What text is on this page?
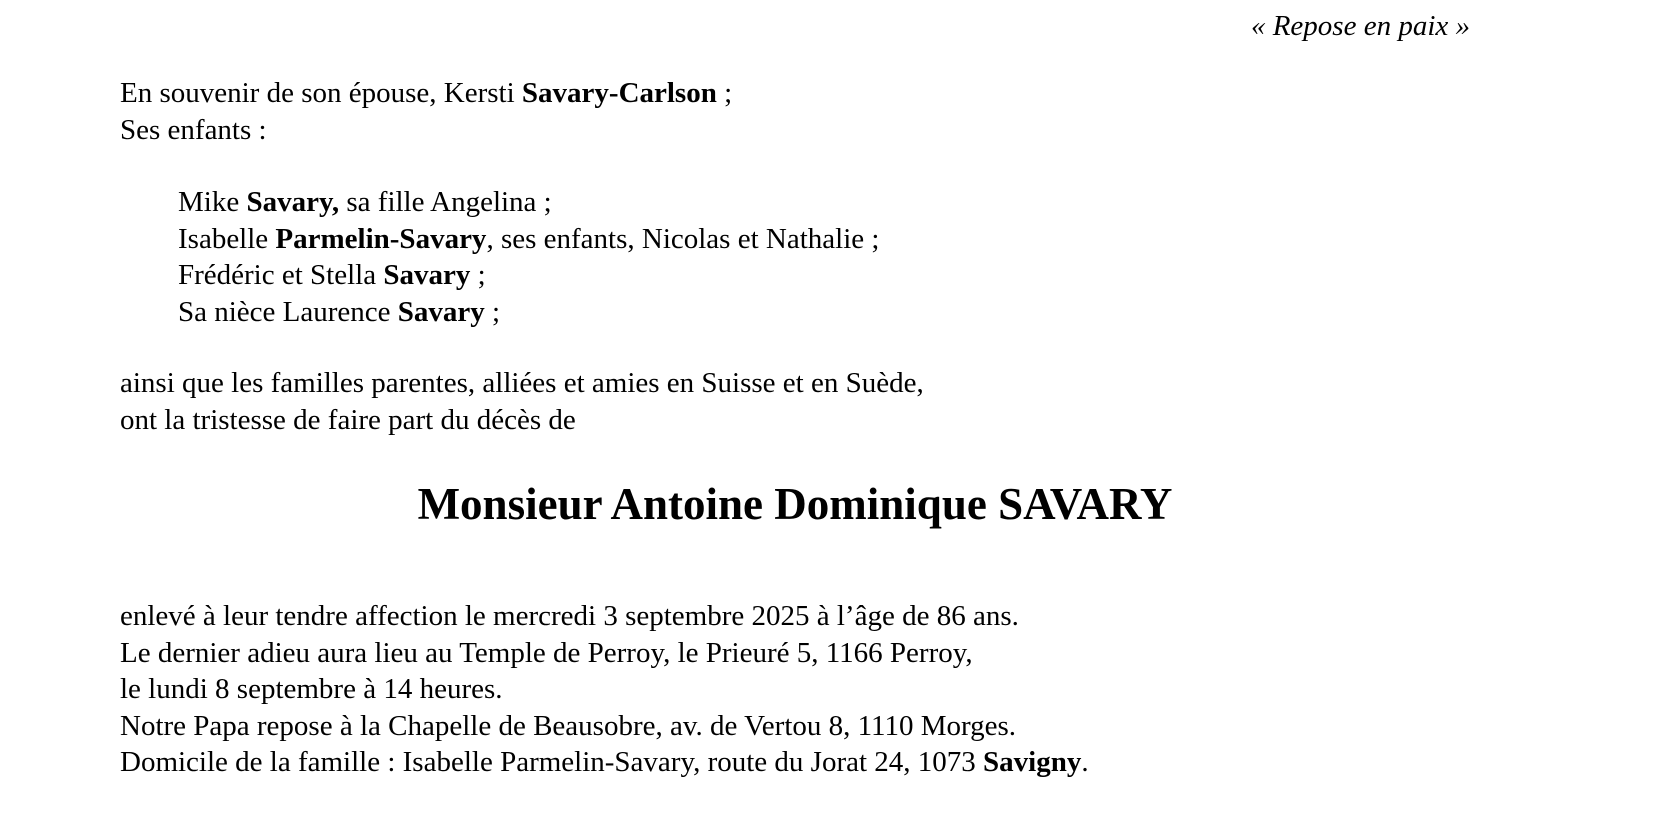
« Repose en paix »
En souvenir de son épouse, Kersti Savary-Carlson ;
Ses enfants :
Mike Savary, sa fille Angelina ;
Isabelle Parmelin-Savary, ses enfants, Nicolas et Nathalie ;
Frédéric et Stella Savary ;
Sa nièce Laurence Savary ;
ainsi que les familles parentes, alliées et amies en Suisse et en Suède,
ont la tristesse de faire part du décès de
Monsieur Antoine Dominique SAVARY
enlevé à leur tendre affection le mercredi 3 septembre 2025 à l’âge de 86 ans.
Le dernier adieu aura lieu au Temple de Perroy, le Prieuré 5, 1166 Perroy,
le lundi 8 septembre à 14 heures.
Notre Papa repose à la Chapelle de Beausobre, av. de Vertou 8, 1110 Morges.
Domicile de la famille : Isabelle Parmelin-Savary, route du Jorat 24, 1073 Savigny.
